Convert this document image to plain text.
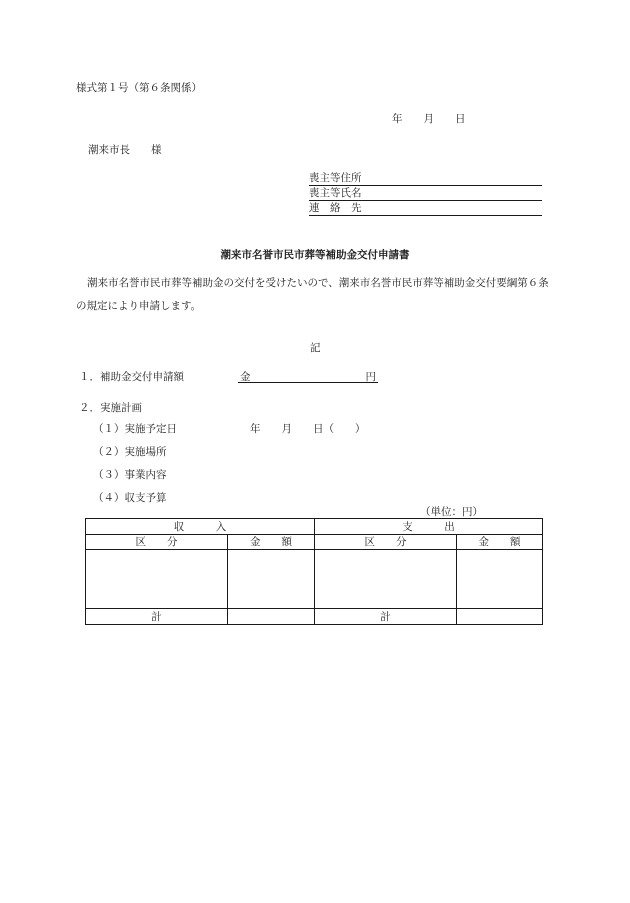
様式第１号（第６条関係）
年　　月　　日
潮来市長　　様
喪主等住所
喪主等氏名
連　絡　先
潮来市名誉市民市葬等補助金交付申請書
潮来市名誉市民市葬等補助金の交付を受けたいので、潮来市名誉市民市葬等補助金交付要綱第６条の規定により申請します。
記
１．補助金交付申請額	金	円
２．実施計画
（１）実施予定日	年　　月　　日（　　）
（２）実施場所
（３）事業内容
（４）収支予算
（単位：円）
収　　　入		支　　　出	
区　　分	金　　額	区　　分	金　　額

計		計	
